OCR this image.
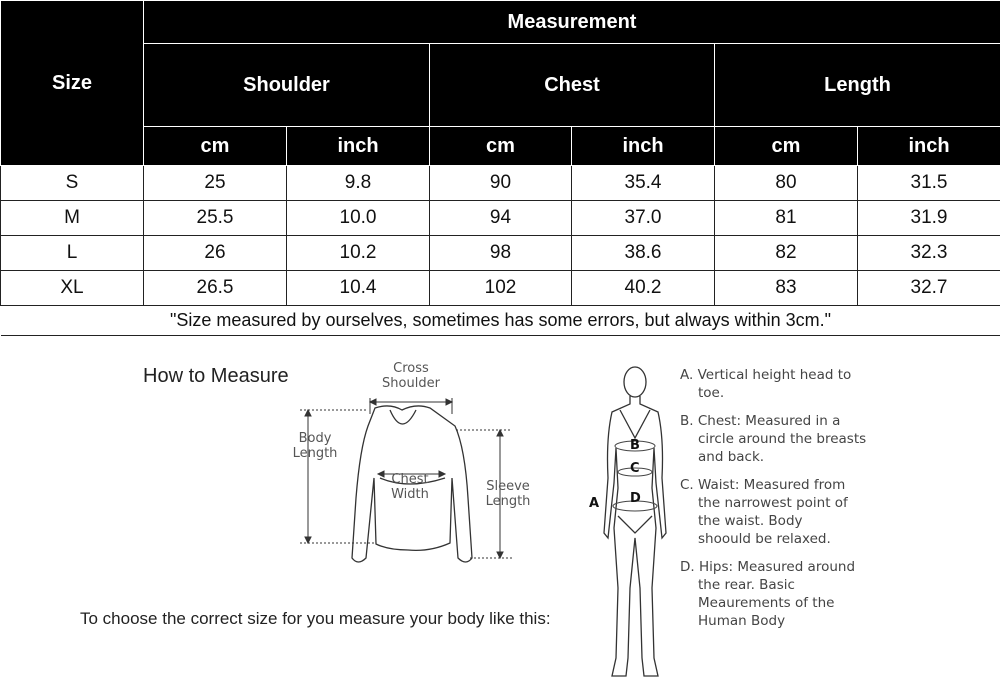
Size	Measurement					
	Shoulder		Chest		Length	
	cm	inch	cm	inch	cm	inch
S	25	9.8	90	35.4	80	31.5
M	25.5	10.0	94	37.0	81	31.9
L	26	10.2	98	38.6	82	32.3
XL	26.5	10.4	102	40.2	83	32.7
"Size measured by ourselves, sometimes has some errors, but always within 3cm."						
How to Measure	Cross
Shoulder
Body
Length
Chest
Width
Sleeve
Length
To choose the correct size for you measure your body like this:
A
B
C
D
A. Vertical height head to toe.
B. Chest: Measured in a circle around the breasts and back.
C. Waist: Measured from the narrowest point of the waist. Body shoould be relaxed.
D. Hips: Measured around the rear. Basic Meaurements of the Human Body
